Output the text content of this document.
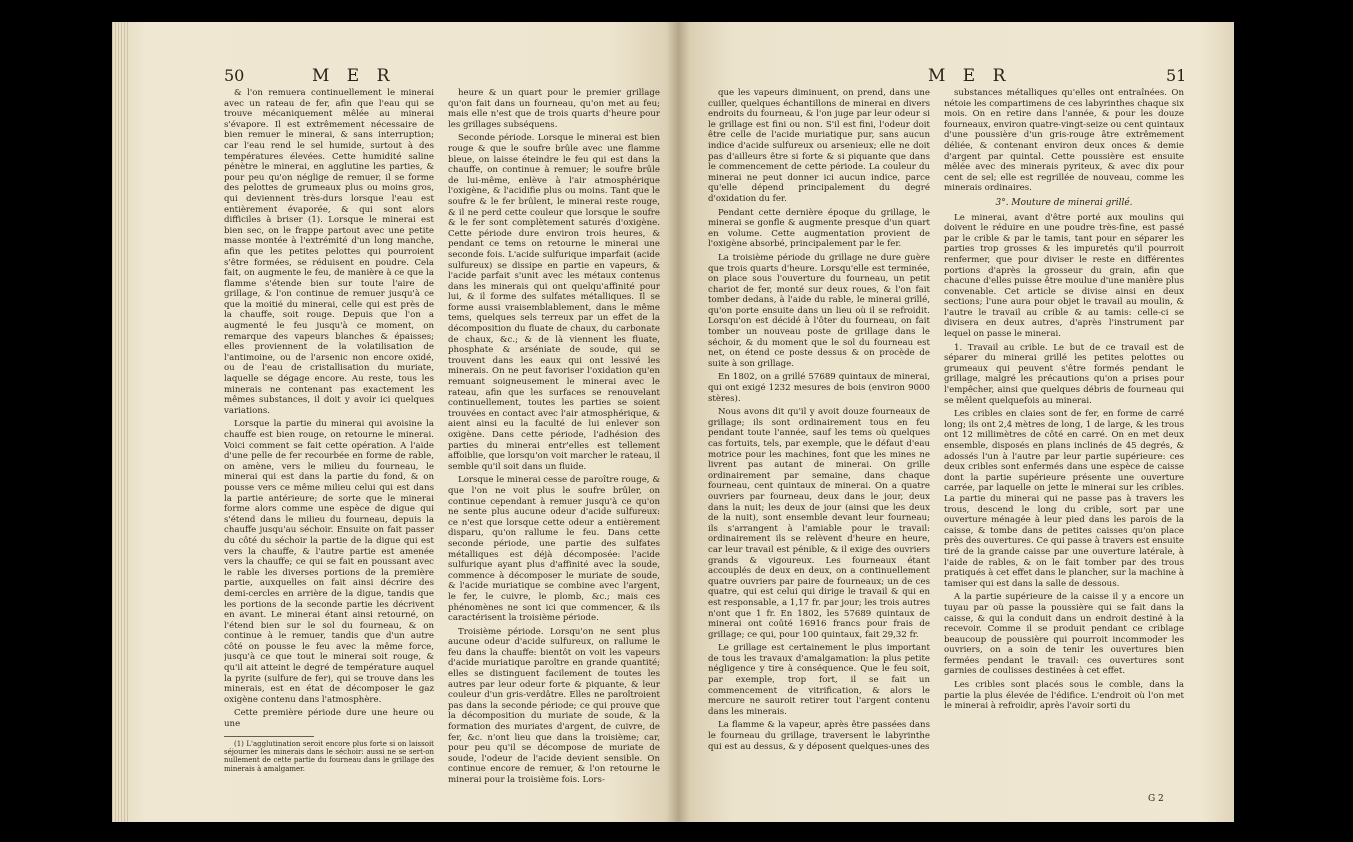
50	M E R

& l'on remuera continuellement le minerai avec un rateau de fer, afin que l'eau qui se trouve mécaniquement mêlée au minerai s'évapore. Il est extrêmement nécessaire de bien remuer le minerai, & sans interruption; car l'eau rend le sel humide, surtout à des températures élevées. Cette humidité saline pénètre le minerai, en agglutine les parties, & pour peu qu'on néglige de remuer, il se forme des pelottes de grumeaux plus ou moins gros, qui deviennent très-durs lorsque l'eau est entièrement évaporée, & qui sont alors difficiles à briser (1). Lorsque le minerai est bien sec, on le frappe partout avec une petite masse montée à l'extrémité d'un long manche, afin que les petites pelottes qui pourroient s'être formées, se réduisent en poudre. Cela fait, on augmente le feu, de manière à ce que la flamme s'étende bien sur toute l'aire de grillage, & l'on continue de remuer jusqu'à ce que la moitié du minerai, celle qui est près de la chauffe, soit rouge. Depuis que l'on a augmenté le feu jusqu'à ce moment, on remarque des vapeurs blanches & épaisses; elles proviennent de la volatilisation de l'antimoine, ou de l'arsenic non encore oxidé, ou de l'eau de cristallisation du muriate, laquelle se dégage encore. Au reste, tous les minerais ne contenant pas exactement les mêmes substances, il doit y avoir ici quelques variations.

Lorsque la partie du minerai qui avoisine la chauffe est bien rouge, on retourne le minerai. Voici comment se fait cette opération. A l'aide d'une pelle de fer recourbée en forme de rable, on amène, vers le milieu du fourneau, le minerai qui est dans la partie du fond, & on pousse vers ce même milieu celui qui est dans la partie antérieure; de sorte que le minerai forme alors comme une espèce de digue qui s'étend dans le milieu du fourneau, depuis la chauffe jusqu'au séchoir. Ensuite on fait passer du côté du séchoir la partie de la digue qui est vers la chauffe, & l'autre partie est amenée vers la chauffe; ce qui se fait en poussant avec le rable les diverses portions de la première partie, auxquelles on fait ainsi décrire des demi-cercles en arrière de la digue, tandis que les portions de la seconde partie les décrivent en avant. Le minerai étant ainsi retourné, on l'étend bien sur le sol du fourneau, & on continue à le remuer, tandis que d'un autre côté on pousse le feu avec la même force, jusqu'à ce que tout le minerai soit rouge, & qu'il ait atteint le degré de température auquel la pyrite (sulfure de fer), qui se trouve dans les minerais, est en état de décomposer le gaz oxigène contenu dans l'atmosphère.

Cette première période dure une heure ou une

(1) L'agglutination seroit encore plus forte si on laissoit séjourner les minerais dans le séchoir: aussi ne se sert-on nullement de cette partie du fourneau dans le grillage des minerais à amalgamer.

heure & un quart pour le premier grillage qu'on fait dans un fourneau, qu'on met au feu; mais elle n'est que de trois quarts d'heure pour les grillages subséquens.

Seconde période. Lorsque le minerai est bien rouge & que le soufre brûle avec une flamme bleue, on laisse éteindre le feu qui est dans la chauffe, on continue à remuer; le soufre brûle de lui-même, enlève à l'air atmosphérique l'oxigène, & l'acidifie plus ou moins. Tant que le soufre & le fer brûlent, le minerai reste rouge, & il ne perd cette couleur que lorsque le soufre & le fer sont complètement saturés d'oxigène. Cette période dure environ trois heures, & pendant ce tems on retourne le minerai une seconde fois. L'acide sulfurique imparfait (acide sulfureux) se dissipe en partie en vapeurs, & l'acide parfait s'unit avec les métaux contenus dans les minerais qui ont quelqu'affinité pour lui, & il forme des sulfates métalliques. Il se forme aussi vraisemblablement, dans le même tems, quelques sels terreux par un effet de la décomposition du fluate de chaux, du carbonate de chaux, &c.; & de là viennent les fluate, phosphate & arséniate de soude, qui se trouvent dans les eaux qui ont lessivé les minerais. On ne peut favoriser l'oxidation qu'en remuant soigneusement le minerai avec le rateau, afin que les surfaces se renouvelant continuellement, toutes les parties se soient trouvées en contact avec l'air atmosphérique, & aient ainsi eu la faculté de lui enlever son oxigène. Dans cette période, l'adhésion des parties du minerai entr'elles est tellement affoiblie, que lorsqu'on voit marcher le rateau, il semble qu'il soit dans un fluide.

Lorsque le minerai cesse de paroître rouge, & que l'on ne voit plus le soufre brûler, on continue cependant à remuer jusqu'à ce qu'on ne sente plus aucune odeur d'acide sulfureux: ce n'est que lorsque cette odeur a entièrement disparu, qu'on rallume le feu. Dans cette seconde période, une partie des sulfates métalliques est déjà décomposée: l'acide sulfurique ayant plus d'affinité avec la soude, commence à décomposer le muriate de soude, & l'acide muriatique se combine avec l'argent, le fer, le cuivre, le plomb, &c.; mais ces phénomènes ne sont ici que commencer, & ils caractérisent la troisième période.

Troisième période. Lorsqu'on ne sent plus aucune odeur d'acide sulfureux, on rallume le feu dans la chauffe: bientôt on voit les vapeurs d'acide muriatique paroître en grande quantité; elles se distinguent facilement de toutes les autres par leur odeur forte & piquante, & leur couleur d'un gris-verdâtre. Elles ne paroîtroient pas dans la seconde période; ce qui prouve que la décomposition du muriate de soude, & la formation des muriates d'argent, de cuivre, de fer, &c. n'ont lieu que dans la troisième; car, pour peu qu'il se décompose de muriate de soude, l'odeur de l'acide devient sensible. On continue encore de remuer, & l'on retourne le minerai pour la troisième fois. Lors-

M E R	51

que les vapeurs diminuent, on prend, dans une cuiller, quelques échantillons de minerai en divers endroits du fourneau, & l'on juge par leur odeur si le grillage est fini ou non. S'il est fini, l'odeur doit être celle de l'acide muriatique pur, sans aucun indice d'acide sulfureux ou arsenieux; elle ne doit pas d'ailleurs être si forte & si piquante que dans le commencement de cette période. La couleur du minerai ne peut donner ici aucun indice, parce qu'elle dépend principalement du degré d'oxidation du fer.

Pendant cette dernière époque du grillage, le minerai se gonfle & augmente presque d'un quart en volume. Cette augmentation provient de l'oxigène absorbé, principalement par le fer.

La troisième période du grillage ne dure guère que trois quarts d'heure. Lorsqu'elle est terminée, on place sous l'ouverture du fourneau, un petit chariot de fer, monté sur deux roues, & l'on fait tomber dedans, à l'aide du rable, le minerai grillé, qu'on porte ensuite dans un lieu où il se refroidit. Lorsqu'on est décidé à l'ôter du fourneau, on fait tomber un nouveau poste de grillage dans le séchoir, & du moment que le sol du fourneau est net, on étend ce poste dessus & on procède de suite à son grillage.

En 1802, on a grillé 57689 quintaux de minerai, qui ont exigé 1232 mesures de bois (environ 9000 stères).

Nous avons dit qu'il y avoit douze fourneaux de grillage; ils sont ordinairement tous en feu pendant toute l'année, sauf les tems où quelques cas fortuits, tels, par exemple, que le défaut d'eau motrice pour les machines, font que les mines ne livrent pas autant de minerai. On grille ordinairement par semaine, dans chaque fourneau, cent quintaux de minerai. On a quatre ouvriers par fourneau, deux dans le jour, deux dans la nuit; les deux de jour (ainsi que les deux de la nuit), sont ensemble devant leur fourneau; ils s'arrangent à l'amiable pour le travail: ordinairement ils se relèvent d'heure en heure, car leur travail est pénible, & il exige des ouvriers grands & vigoureux. Les fourneaux étant accouplés de deux en deux, on a continuellement quatre ouvriers par paire de fourneaux; un de ces quatre, qui est celui qui dirige le travail & qui en est responsable, a 1,17 fr. par jour; les trois autres n'ont que 1 fr. En 1802, les 57689 quintaux de minerai ont coûté 16916 francs pour frais de grillage; ce qui, pour 100 quintaux, fait 29,32 fr.

Le grillage est certainement le plus important de tous les travaux d'amalgamation: la plus petite négligence y tire à conséquence. Que le feu soit, par exemple, trop fort, il se fait un commencement de vitrification, & alors le mercure ne sauroit retirer tout l'argent contenu dans les minerais.

La flamme & la vapeur, après être passées dans le fourneau du grillage, traversent le labyrinthe qui est au dessus, & y déposent quelques-unes des

substances métalliques qu'elles ont entraînées. On nétoie les compartimens de ces labyrinthes chaque six mois. On en retire dans l'année, & pour les douze fourneaux, environ quatre-vingt-seize ou cent quintaux d'une poussière d'un gris-rouge âtre extrêmement déliée, & contenant environ deux onces & demie d'argent par quintal. Cette poussière est ensuite mêlée avec des minerais pyriteux, & avec dix pour cent de sel; elle est regrillée de nouveau, comme les minerais ordinaires.

3°. Mouture de minerai grillé.

Le minerai, avant d'être porté aux moulins qui doivent le réduire en une poudre très-fine, est passé par le crible & par le tamis, tant pour en séparer les parties trop grosses & les impuretés qu'il pourroit renfermer, que pour diviser le reste en différentes portions d'après la grosseur du grain, afin que chacune d'elles puisse être moulue d'une manière plus convenable. Cet article se divise ainsi en deux sections; l'une aura pour objet le travail au moulin, & l'autre le travail au crible & au tamis: celle-ci se divisera en deux autres, d'après l'instrument par lequel on passe le minerai.

1. Travail au crible. Le but de ce travail est de séparer du minerai grillé les petites pelottes ou grumeaux qui peuvent s'être formés pendant le grillage, malgré les précautions qu'on a prises pour l'empêcher, ainsi que quelques débris de fourneau qui se mêlent quelquefois au minerai.

Les cribles en claies sont de fer, en forme de carré long; ils ont 2,4 mètres de long, 1 de large, & les trous ont 12 millimètres de côté en carré. On en met deux ensemble, disposés en plans inclinés de 45 degrés, & adossés l'un à l'autre par leur partie supérieure: ces deux cribles sont enfermés dans une espèce de caisse dont la partie supérieure présente une ouverture carrée, par laquelle on jette le minerai sur les cribles. La partie du minerai qui ne passe pas à travers les trous, descend le long du crible, sort par une ouverture ménagée à leur pied dans les parois de la caisse, & tombe dans de petites caisses qu'on place près des ouvertures. Ce qui passe à travers est ensuite tiré de la grande caisse par une ouverture latérale, à l'aide de rables, & on le fait tomber par des trous pratiqués à cet effet dans le plancher, sur la machine à tamiser qui est dans la salle de dessous.

A la partie supérieure de la caisse il y a encore un tuyau par où passe la poussière qui se fait dans la caisse, & qui la conduit dans un endroit destiné à la recevoir. Comme il se produit pendant ce criblage beaucoup de poussière qui pourroit incommoder les ouvriers, on a soin de tenir les ouvertures bien fermées pendant le travail: ces ouvertures sont garnies de coulisses destinées à cet effet.

Les cribles sont placés sous le comble, dans la partie la plus élevée de l'édifice. L'endroit où l'on met le minerai à refroidir, après l'avoir sorti du

G 2
